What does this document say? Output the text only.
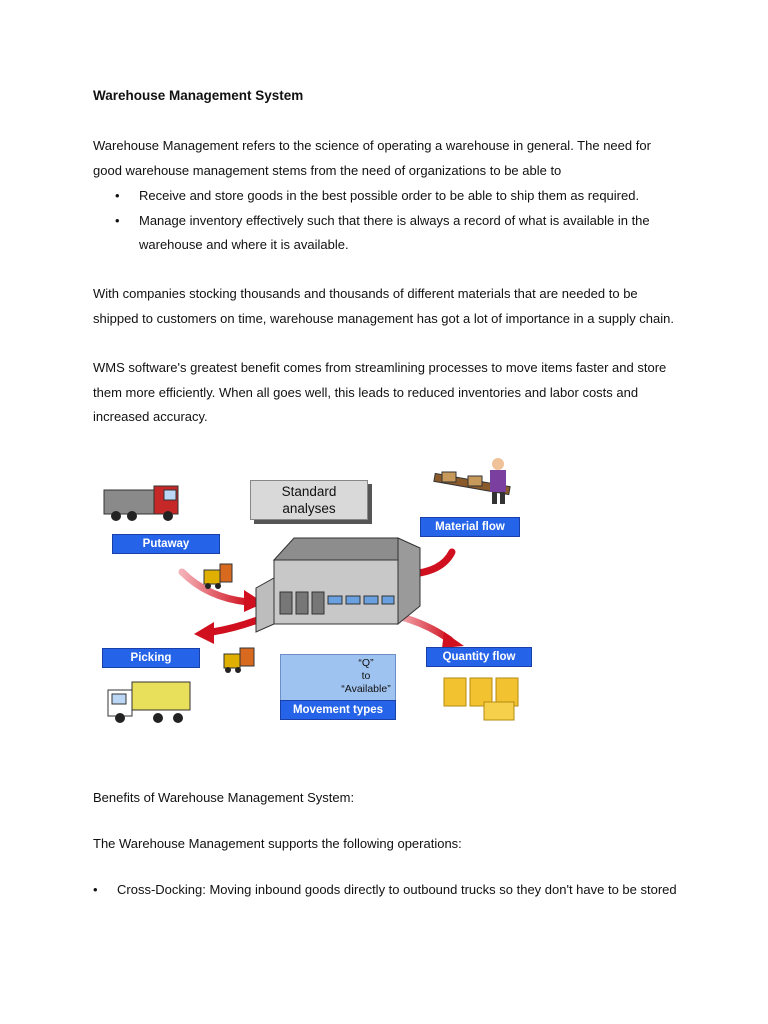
Warehouse Management System

Warehouse Management refers to the science of operating a warehouse in general. The need for good warehouse management stems from the need of organizations to be able to

• Receive and store goods in the best possible order to be able to ship them as required.
• Manage inventory effectively such that there is always a record of what is available in the warehouse and where it is available.

With companies stocking thousands and thousands of different materials that are needed to be shipped to customers on time, warehouse management has got a lot of importance in a supply chain.

WMS software's greatest benefit comes from streamlining processes to move items faster and store them more efficiently. When all goes well, this leads to reduced inventories and labor costs and increased accuracy.

Standard
analyses
Putaway
Material flow
Picking	Quantity flow
“Q”
to
“Available”
Movement types
Benefits of Warehouse Management System:
The Warehouse Management supports the following operations:
• Cross-Docking: Moving inbound goods directly to outbound trucks so they don't have to be stored
